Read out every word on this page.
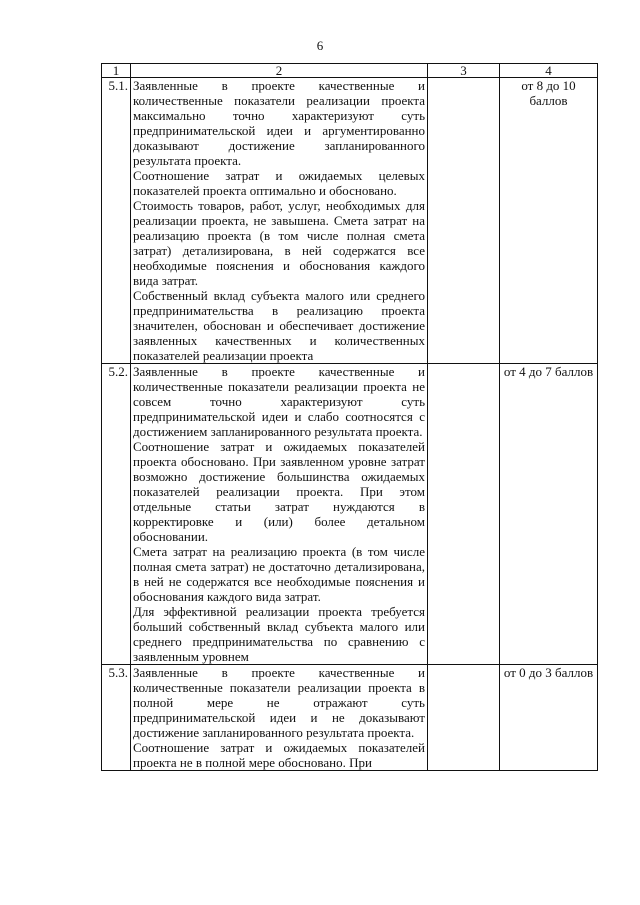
6
1	2	3	4
5.1.	Заявленные в проекте качественные и количественные показатели реализации проекта максимально точно характеризуют суть предпринимательской идеи и аргументированно доказывают достижение запланированного результата проекта.

Соотношение затрат и ожидаемых целевых показателей проекта оптимально и обосновано.

Стоимость товаров, работ, услуг, необходимых для реализации проекта, не завышена. Смета затрат на реализацию проекта (в том числе полная смета затрат) детализирована, в ней содержатся все необходимые пояснения и обоснования каждого вида затрат.

Собственный вклад субъекта малого или среднего предпринимательства в реализацию проекта значителен, обоснован и обеспечивает достижение заявленных качественных и количественных показателей реализации проекта		от 8 до 10 баллов
5.2.	Заявленные в проекте качественные и количественные показатели реализации проекта не совсем точно характеризуют суть предпринимательской идеи и слабо соотносятся с достижением запланированного результата проекта.

Соотношение затрат и ожидаемых показателей проекта обосновано. При заявленном уровне затрат возможно достижение большинства ожидаемых показателей реализации проекта. При этом отдельные статьи затрат нуждаются в корректировке и (или) более детальном обосновании.

Смета затрат на реализацию проекта (в том числе полная смета затрат) не достаточно детализирована, в ней не содержатся все необходимые пояснения и обоснования каждого вида затрат.

Для эффективной реализации проекта требуется больший собственный вклад субъекта малого или среднего предпринимательства по сравнению с заявленным уровнем		от 4 до 7 баллов
5.3.	Заявленные в проекте качественные и количественные показатели реализации проекта в полной мере не отражают суть предпринимательской идеи и не доказывают достижение запланированного результата проекта.

Соотношение затрат и ожидаемых показателей проекта не в полной мере обосновано. При		от 0 до 3 баллов
